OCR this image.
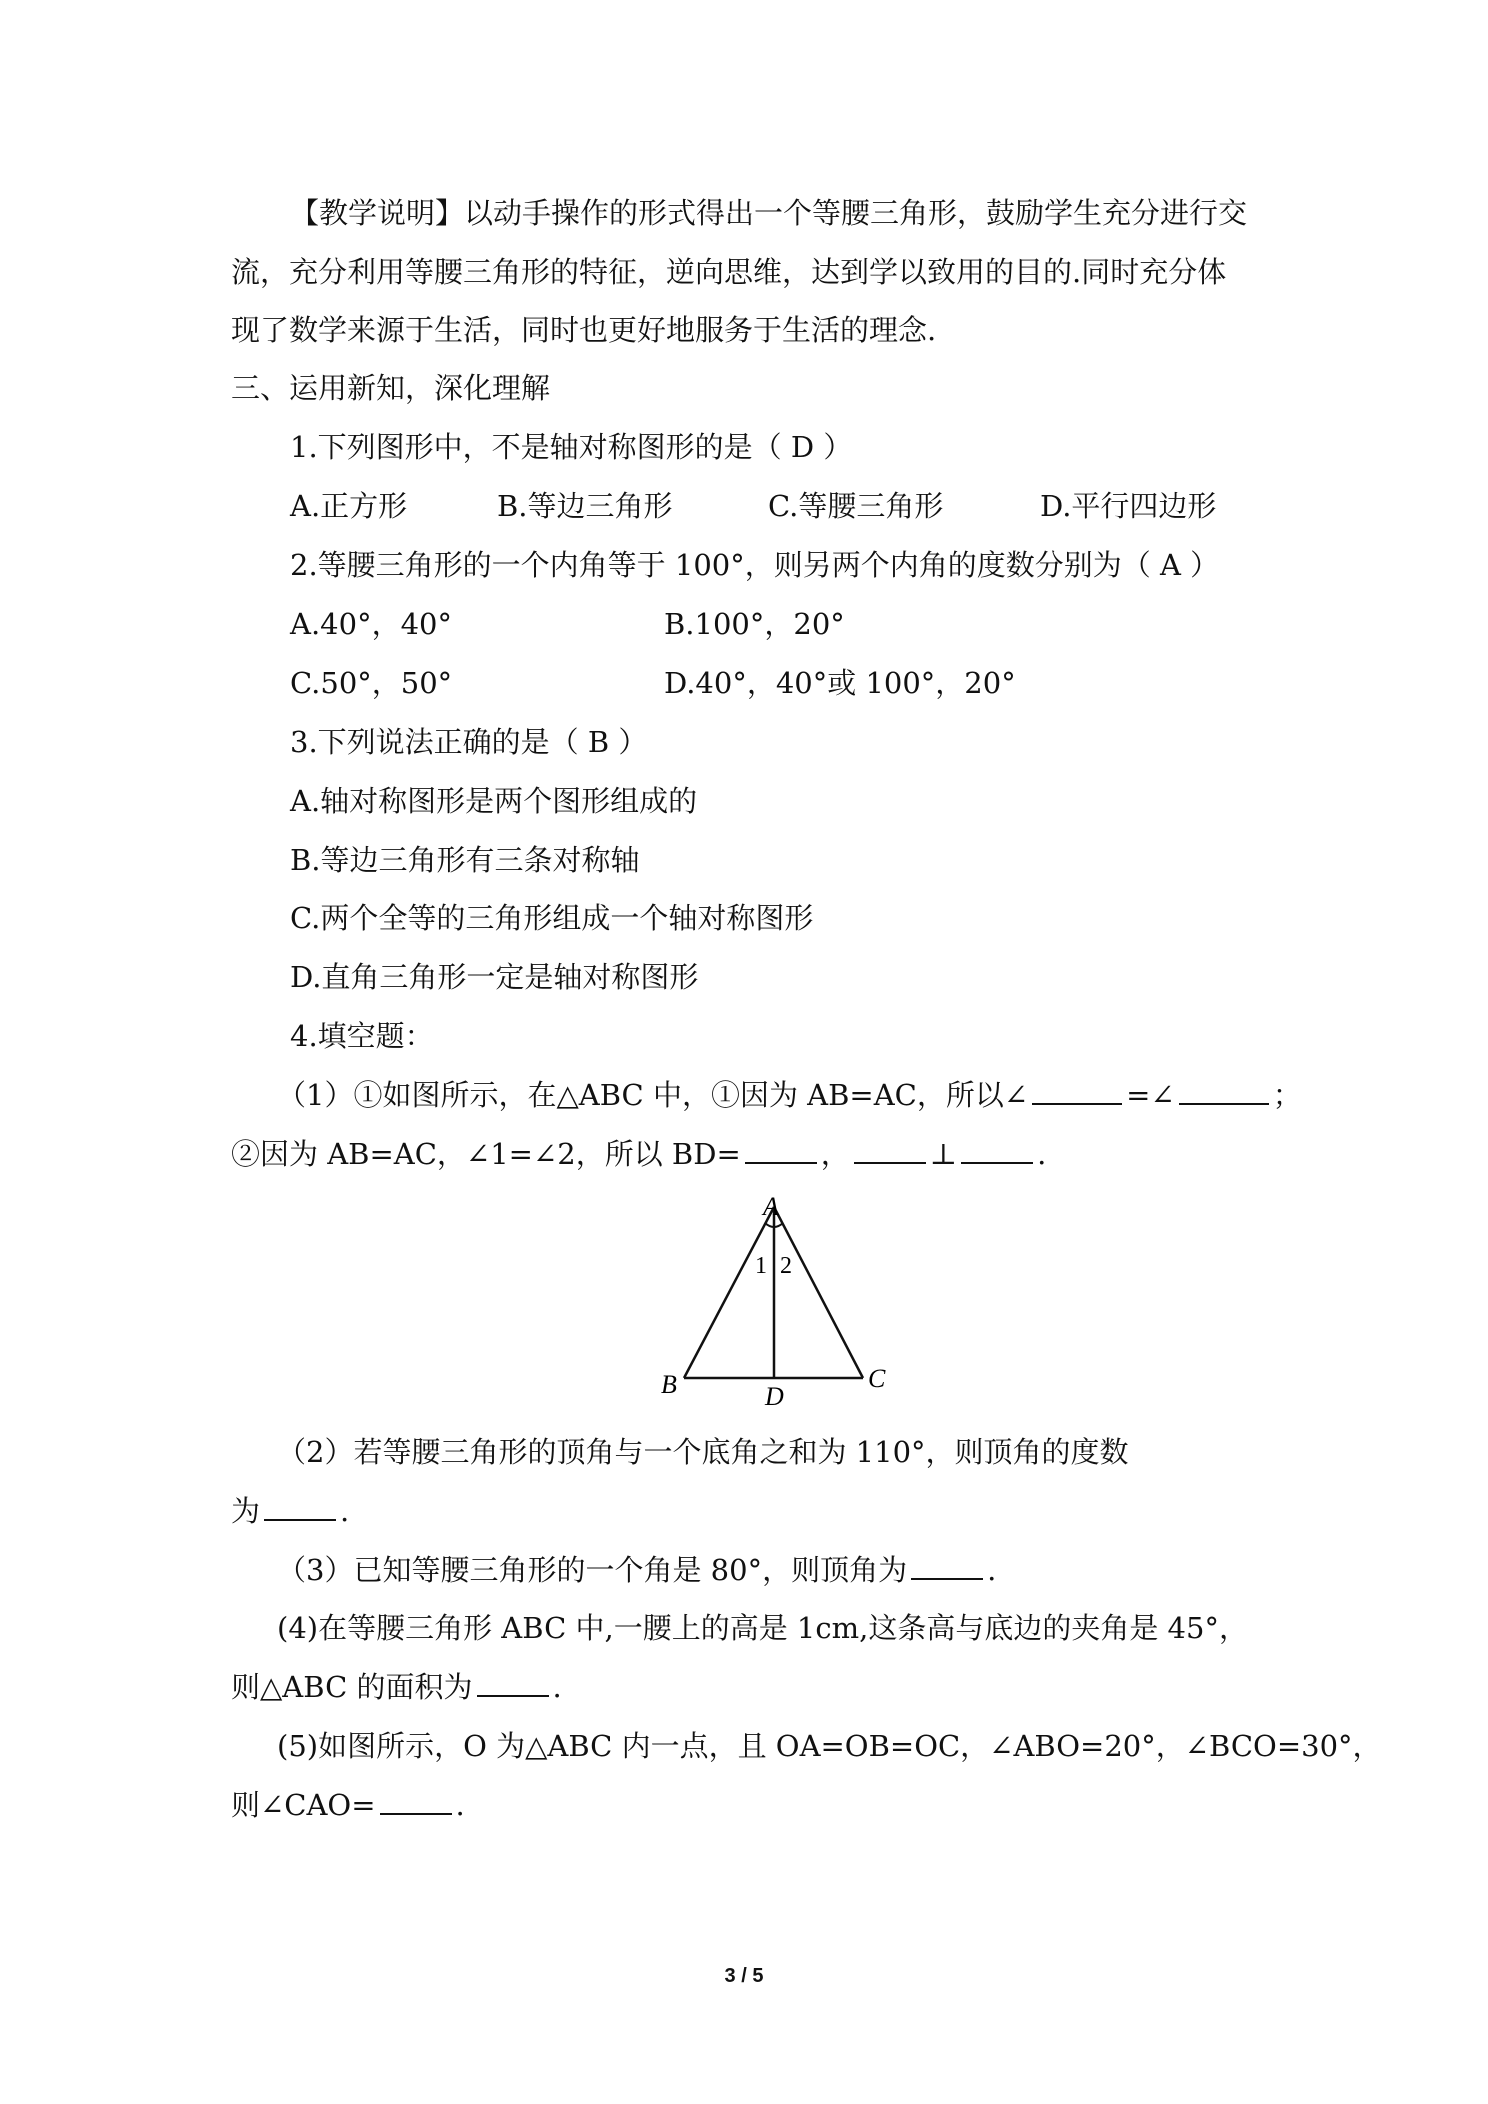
【教学说明】以动手操作的形式得出一个等腰三角形，鼓励学生充分进行交
流，充分利用等腰三角形的特征，逆向思维，达到学以致用的目的.同时充分体
现了数学来源于生活，同时也更好地服务于生活的理念.
三、运用新知，深化理解
1.下列图形中，不是轴对称图形的是（ D ）
A.正方形	B.等边三角形	C.等腰三角形	D.平行四边形
2.等腰三角形的一个内角等于 100°，则另两个内角的度数分别为（ A ）
A.40°，40°	B.100°，20°
C.50°，50°	D.40°，40°或 100°，20°
3.下列说法正确的是（ B ）
A.轴对称图形是两个图形组成的
B.等边三角形有三条对称轴
C.两个全等的三角形组成一个轴对称图形
D.直角三角形一定是轴对称图形
4.填空题：
（1）①如图所示，在△ABC 中，①因为 AB=AC，所以∠	=∠	；
②因为 AB=AC，∠1=∠2，所以 BD=	，	⊥	.
A
B	C
D
1 2
（2）若等腰三角形的顶角与一个底角之和为 110°，则顶角的度数
为	.
（3）已知等腰三角形的一个角是 80°，则顶角为	.
(4)在等腰三角形 ABC 中,一腰上的高是 1cm,这条高与底边的夹角是 45°，
则△ABC 的面积为	.
(5)如图所示，O 为△ABC 内一点，且 OA=OB=OC，∠ABO=20°，∠BCO=30°，
则∠CAO=	.
3 / 5
